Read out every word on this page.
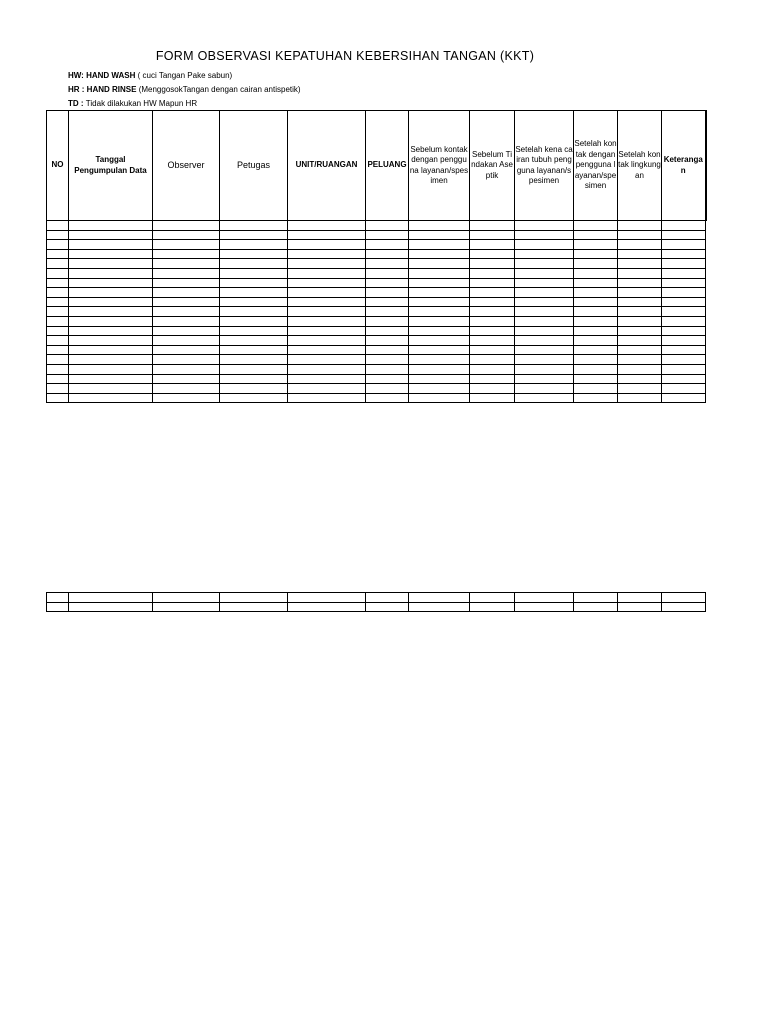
FORM OBSERVASI KEPATUHAN KEBERSIHAN TANGAN (KKT)
HW: HAND WASH ( cuci Tangan Pake sabun)
HR : HAND RINSE (MenggosokTangan dengan cairan antispetik)
TD : Tidak dilakukan HW Mapun HR
NO	Tanggal Pengumpulan Data	Observer	Petugas	UNIT/RUANGAN	PELUANG	Sebelum kontak dengan pengguna layanan/spesimen	Sebelum Tindakan Aseptik	Setelah kena cairan tubuh pengguna layanan/spesimen	Setelah kontak dengan pengguna layanan/spesimen	Setelah kontak lingkungan	Keterangan
